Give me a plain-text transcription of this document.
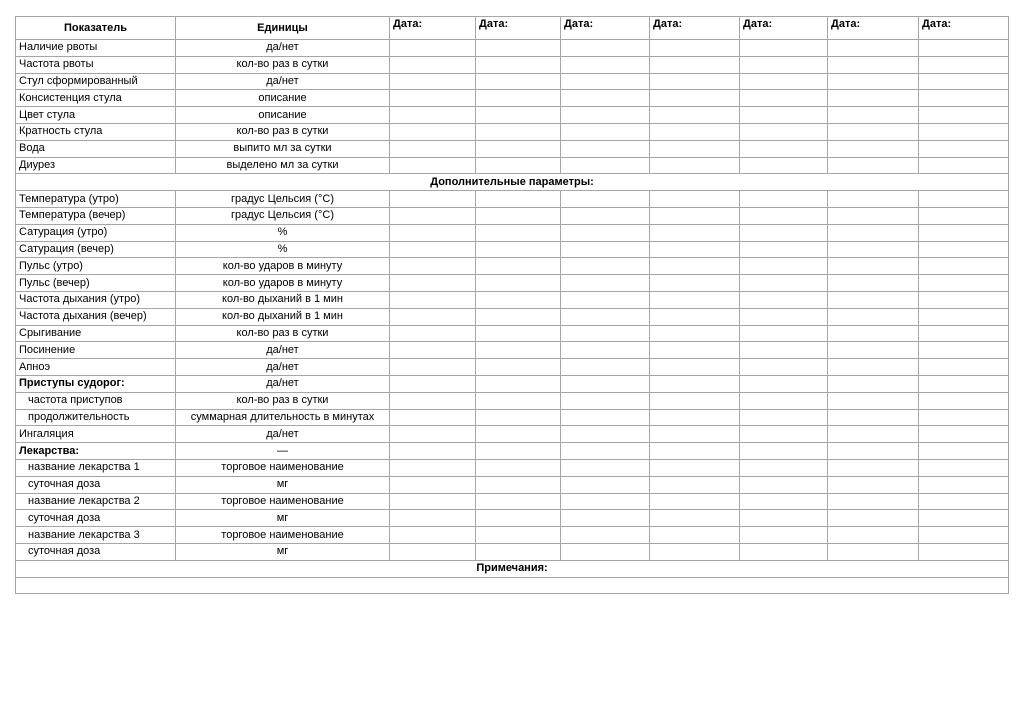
Показатель	Единицы	Дата:	Дата:	Дата:	Дата:	Дата:	Дата:	Дата:
Наличие рвоты	да/нет							
Частота рвоты	кол-во раз в сутки							
Стул сформированный	да/нет							
Консистенция стула	описание							
Цвет стула	описание							
Кратность стула	кол-во раз в сутки							
Вода	выпито мл за сутки							
Диурез	выделено мл за сутки							
Дополнительные параметры:								
Температура (утро)	градус Цельсия (°С)							
Температура (вечер)	градус Цельсия (°С)							
Сатурация (утро)	%							
Сатурация (вечер)	%							
Пульс (утро)	кол-во ударов в минуту							
Пульс (вечер)	кол-во ударов в минуту							
Частота дыхания (утро)	кол-во дыханий в 1 мин							
Частота дыхания (вечер)	кол-во дыханий в 1 мин							
Срыгивание	кол-во раз в сутки							
Посинение	да/нет							
Апноэ	да/нет							
Приступы судорог:	да/нет							
частота приступов	кол-во раз в сутки							
продолжительность	суммарная длительность в минутах							
Ингаляция	да/нет							
Лекарства:	—							
название лекарства 1	торговое наименование							
суточная доза	мг							
название лекарства 2	торговое наименование							
суточная доза	мг							
название лекарства 3	торговое наименование							
суточная доза	мг							
Примечания:								
